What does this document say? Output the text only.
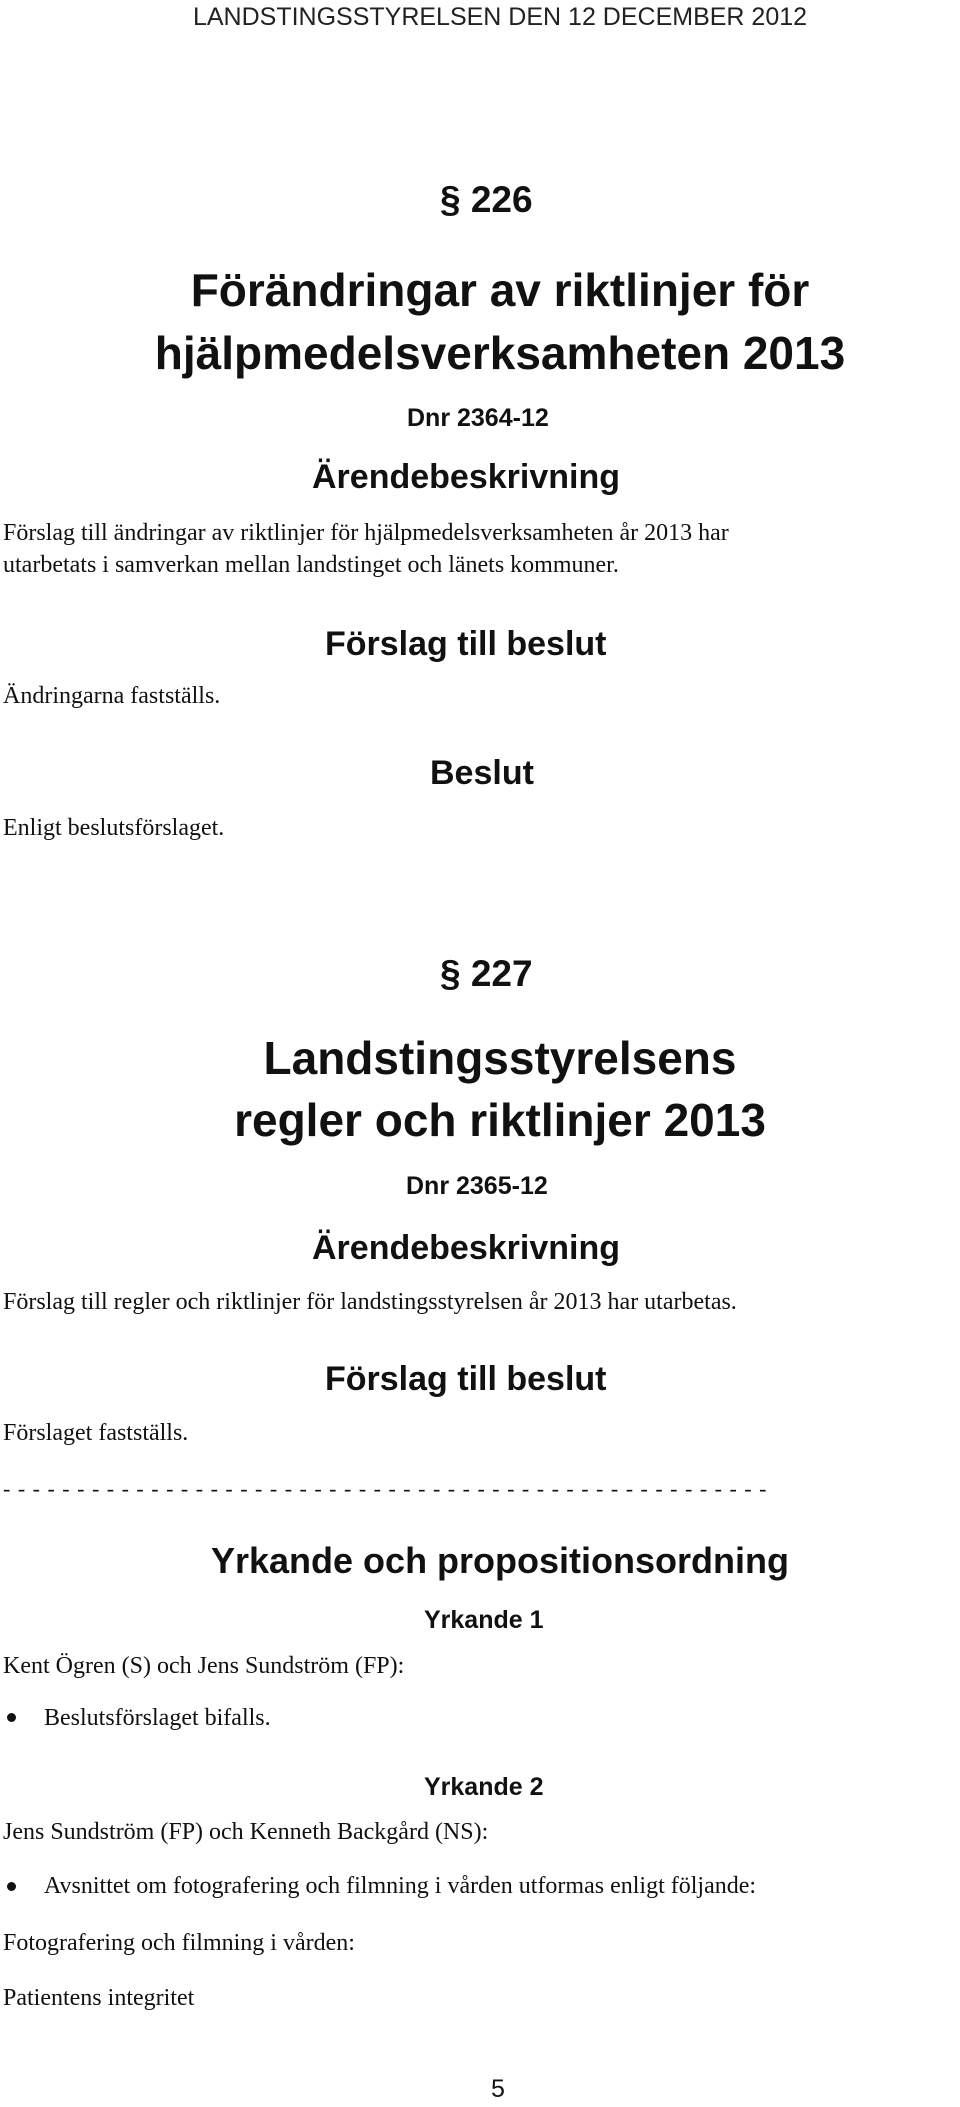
LANDSTINGSSTYRELSEN DEN 12 DECEMBER 2012
§ 226
Förändringar av riktlinjer för
hjälpmedelsverksamheten 2013
Dnr 2364-12
Ärendebeskrivning
Förslag till ändringar av riktlinjer för hjälpmedelsverksamheten år 2013 har
utarbetats i samverkan mellan landstinget och länets kommuner.
Förslag till beslut
Ändringarna fastställs.
Beslut
Enligt beslutsförslaget.
§ 227
Landstingsstyrelsens
regler och riktlinjer 2013
Dnr 2365-12
Ärendebeskrivning
Förslag till regler och riktlinjer för landstingsstyrelsen år 2013 har utarbetas.
Förslag till beslut
Förslaget fastställs.
- - - - - - - - - - - - - - - - - - - - - - - - - - - - - - - - - - - - - - - - - - - - - - - - - - - -
Yrkande och propositionsordning
Yrkande 1
Kent Ögren (S) och Jens Sundström (FP):
Beslutsförslaget bifalls.
Yrkande 2
Jens Sundström (FP) och Kenneth Backgård (NS):
Avsnittet om fotografering och filmning i vården utformas enligt följande:
Fotografering och filmning i vården:
Patientens integritet
5
